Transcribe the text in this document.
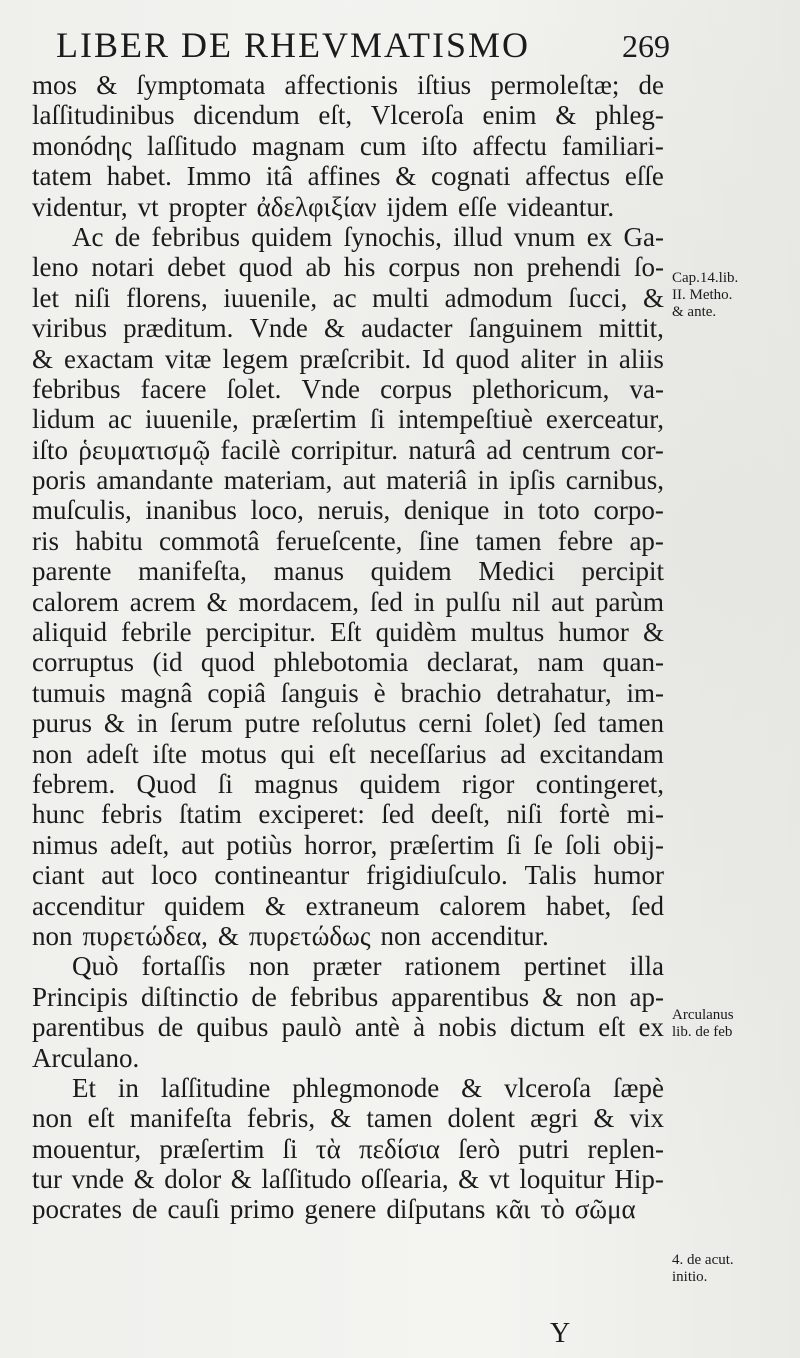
LIBER DE RHEVMATISMO	269
mos & ſymptomata affectionis iſtius permoleſtæ; de
laſſitudinibus dicendum eſt, Vlceroſa enim & phleg-
monódης laſſitudo magnam cum iſto affectu familiari-
tatem habet. Immo itâ affines & cognati affectus eſſe
videntur, vt propter ἀδελφιξίαν ijdem eſſe videantur.
Ac de febribus quidem ſynochis, illud vnum ex Ga-
leno notari debet quod ab his corpus non prehendi ſo-
let niſi florens, iuuenile, ac multi admodum ſucci, &
viribus præditum. Vnde & audacter ſanguinem mittit,
& exactam vitæ legem præſcribit. Id quod aliter in aliis
febribus facere ſolet. Vnde corpus plethoricum, va-
lidum ac iuuenile, præſertim ſi intempeſtiuè exerceatur,
iſto ῥευματισμῷ facilè corripitur. naturâ ad centrum cor-
poris amandante materiam, aut materiâ in ipſis carnibus,
muſculis, inanibus loco, neruis, denique in toto corpo-
ris habitu commotâ ferueſcente, ſine tamen febre ap-
parente manifeſta, manus quidem Medici percipit
calorem acrem & mordacem, ſed in pulſu nil aut parùm
aliquid febrile percipitur. Eſt quidèm multus humor &
corruptus (id quod phlebotomia declarat, nam quan-
tumuis magnâ copiâ ſanguis è brachio detrahatur, im-
purus & in ſerum putre reſolutus cerni ſolet) ſed tamen
non adeſt iſte motus qui eſt neceſſarius ad excitandam
febrem. Quod ſi magnus quidem rigor contingeret,
hunc febris ſtatim exciperet: ſed deeſt, niſi fortè mi-
nimus adeſt, aut potiùs horror, præſertim ſi ſe ſoli obij-
ciant aut loco contineantur frigidiuſculo. Talis humor
accenditur quidem & extraneum calorem habet, ſed
non πυρετώδεα, & πυρετώδως non accenditur.
Quò fortaſſis non præter rationem pertinet illa
Principis diſtinctio de febribus apparentibus & non ap-
parentibus de quibus paulò antè à nobis dictum eſt ex
Arculano.
Et in laſſitudine phlegmonode & vlceroſa ſæpè
non eſt manifeſta febris, & tamen dolent ægri & vix
mouentur, præſertim ſi τὰ πεδίσια ſerò putri replen-
tur vnde & dolor & laſſitudo oſſearia, & vt loquitur Hip-
pocrates de cauſi primo genere diſputans κᾶι τὸ σῶμα
Cap.14.lib.
II. Metho.
& ante.
Arculanus
lib. de feb
4. de acut.
initio.
Y
